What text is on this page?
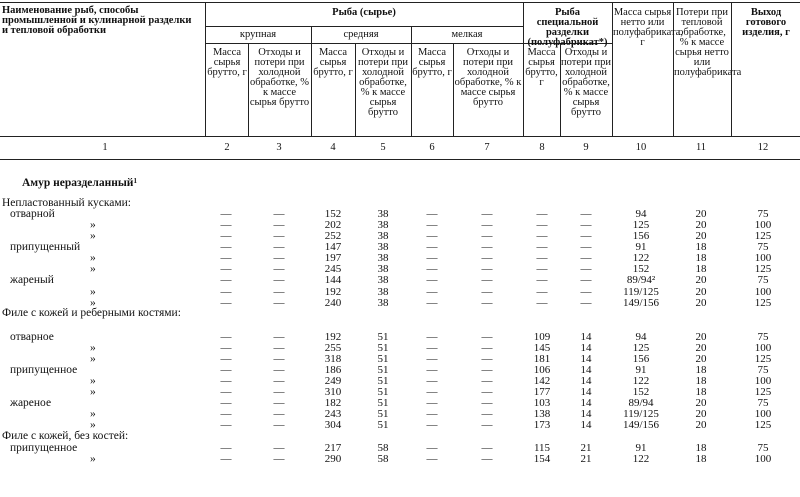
Наименование рыб, способы промышленной и кулинарной разделки и тепловой обработки
Рыба (сырье)
крупная	средняя	мелкая
Рыба специальной разделки (полуфабрикат*)
Масса сырья брутто, г
Отходы и потери при холодной обработке, % к массе сырья брутто
Масса сырья брутто, г
Отходы и потери при холодной обработке, % к массе сырья брутто
Масса сырья брутто, г
Отходы и потери при холодной обработке, % к массе сырья брутто
Масса сырья брутто, г
Отходы и потери при холодной обработке, % к массе сырья брутто
Масса сырья нетто или полуфабриката, г
Потери при тепловой обработке, % к массе сырья нетто или полуфабриката
Выход готового изделия, г
1	2	3	4	5	6	7	8	9	10	11	12
Амур неразделанный$^1$
Непластованный кусками:
отварной	—	—	152	38	—	—	—	—	94	20	75
»	—	—	202	38	—	—	—	—	125	20	100
»	—	—	252	38	—	—	—	—	156	20	125
припущенный	—	—	147	38	—	—	—	—	91	18	75
»	—	—	197	38	—	—	—	—	122	18	100
»	—	—	245	38	—	—	—	—	152	18	125
жареный	—	—	144	38	—	—	—	—	89/94²	20	75
»	—	—	192	38	—	—	—	—	119/125	20	100
»	—	—	240	38	—	—	—	—	149/156	20	125
Филе с кожей и реберными костями:
отварное	—	—	192	51	—	—	109	14	94	20	75
»	—	—	255	51	—	—	145	14	125	20	100
»	—	—	318	51	—	—	181	14	156	20	125
припущенное	—	—	186	51	—	—	106	14	91	18	75
»	—	—	249	51	—	—	142	14	122	18	100
»	—	—	310	51	—	—	177	14	152	18	125
жареное	—	—	182	51	—	—	103	14	89/94	20	75
»	—	—	243	51	—	—	138	14	119/125	20	100
»	—	—	304	51	—	—	173	14	149/156	20	125
Филе с кожей, без костей:
припущенное	—	—	217	58	—	—	115	21	91	18	75
»	—	—	290	58	—	—	154	21	122	18	100
